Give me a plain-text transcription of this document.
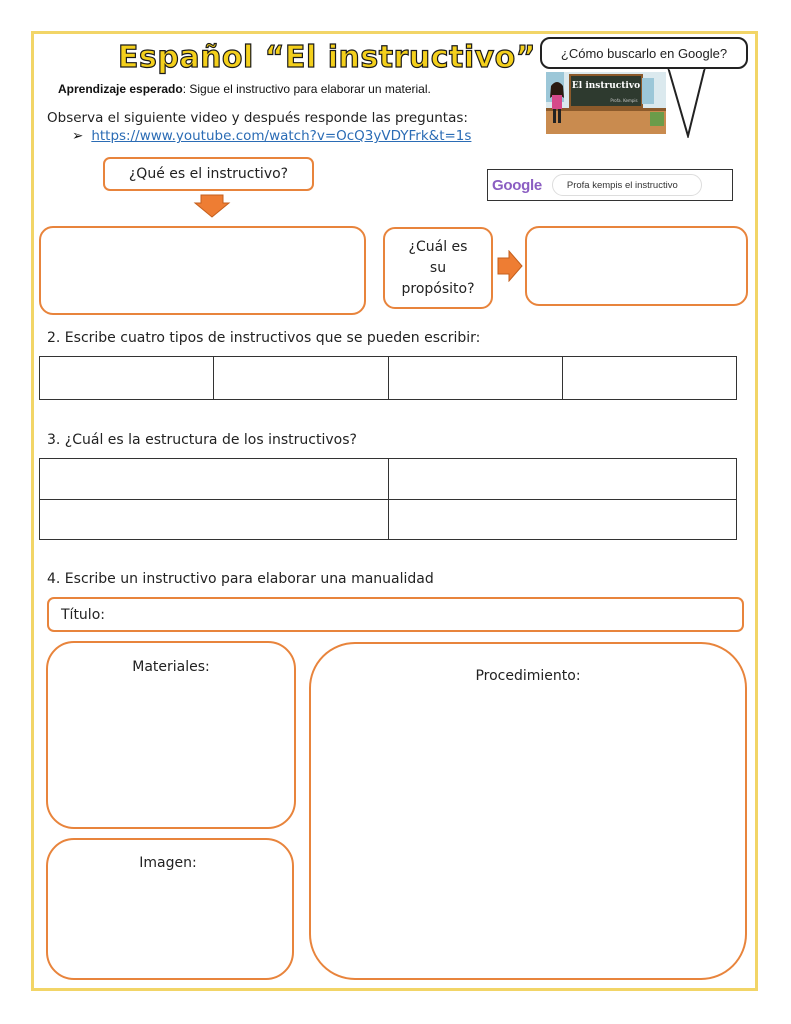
Español “El instructivo”
Aprendizaje esperado: Sigue el instructivo para elaborar un material.
Observa el siguiente video y después responde las preguntas:
➢ https://www.youtube.com/watch?v=OcQ3yVDYFrk&t=1s
¿Cómo buscarlo en Google?
El instructivo
Profa. Kempis
Google	Profa kempis el instructivo
¿Qué es el instructivo?
¿Cuál es
su
propósito?
2. Escribe cuatro tipos de instructivos que se pueden escribir:

3. ¿Cuál es la estructura de los instructivos?

4. Escribe un instructivo para elaborar una manualidad
Título:
Materiales:
Imagen:
Procedimiento:
